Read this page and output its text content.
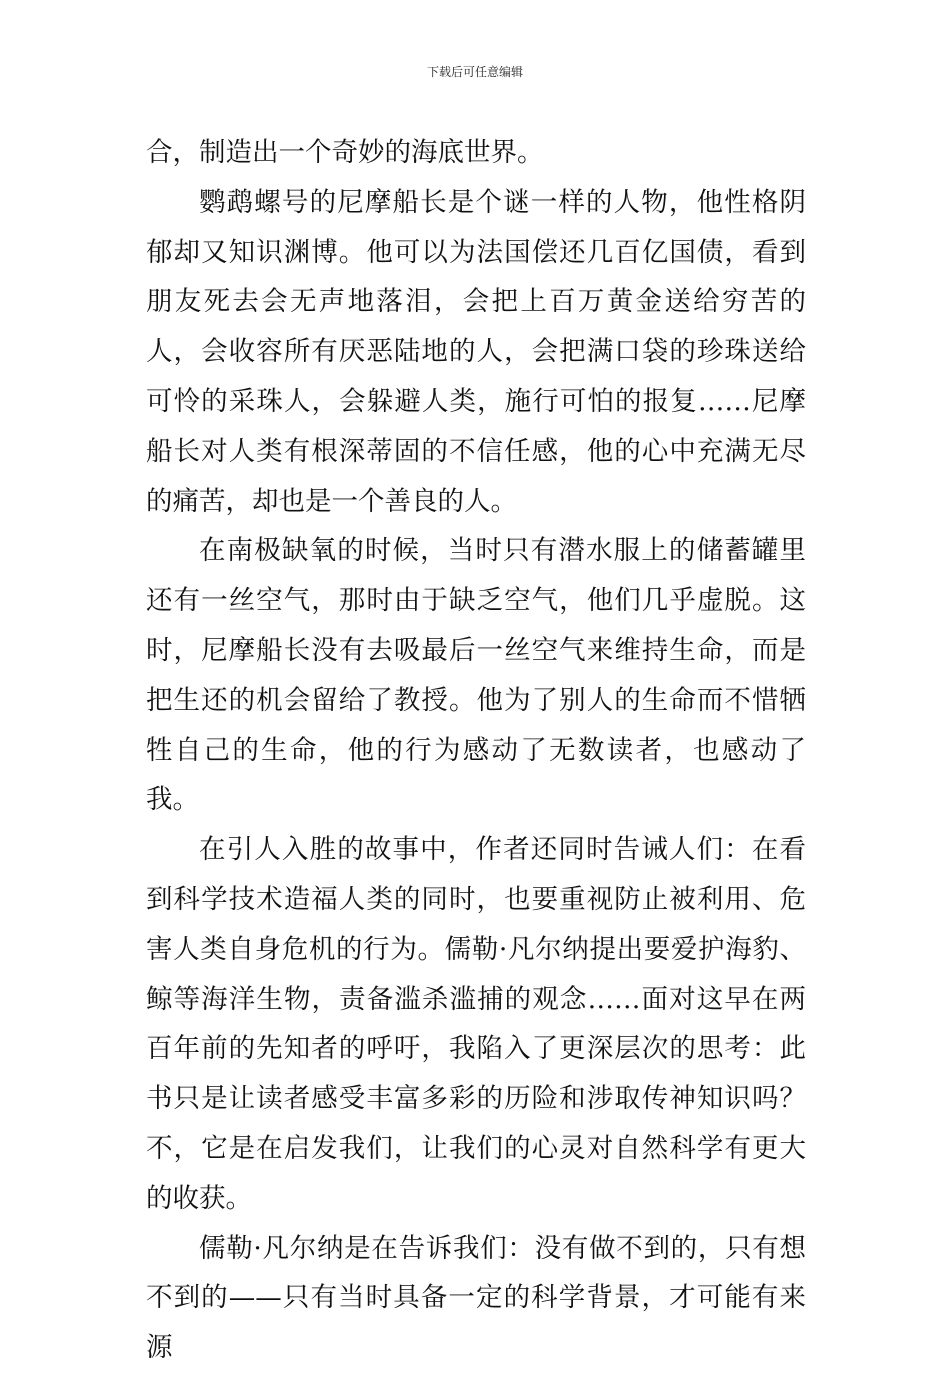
下载后可任意编辑

合，制造出一个奇妙的海底世界。

鹦鹉螺号的尼摩船长是个谜一样的人物，他性格阴郁却又知识渊博。他可以为法国偿还几百亿国债，看到朋友死去会无声地落泪，会把上百万黄金送给穷苦的人，会收容所有厌恶陆地的人，会把满口袋的珍珠送给可怜的采珠人，会躲避人类，施行可怕的报复……尼摩船长对人类有根深蒂固的不信任感，他的心中充满无尽的痛苦，却也是一个善良的人。

在南极缺氧的时候，当时只有潜水服上的储蓄罐里还有一丝空气，那时由于缺乏空气，他们几乎虚脱。这时，尼摩船长没有去吸最后一丝空气来维持生命，而是把生还的机会留给了教授。他为了别人的生命而不惜牺牲自己的生命，他的行为感动了无数读者，也感动了我。

在引人入胜的故事中，作者还同时告诫人们：在看到科学技术造福人类的同时，也要重视防止被利用、危害人类自身危机的行为。儒勒·凡尔纳提出要爱护海豹、鲸等海洋生物，责备滥杀滥捕的观念……面对这早在两百年前的先知者的呼吁，我陷入了更深层次的思考：此书只是让读者感受丰富多彩的历险和涉取传神知识吗？不，它是在启发我们，让我们的心灵对自然科学有更大的收获。

儒勒·凡尔纳是在告诉我们：没有做不到的，只有想不到的——只有当时具备一定的科学背景，才可能有来源
